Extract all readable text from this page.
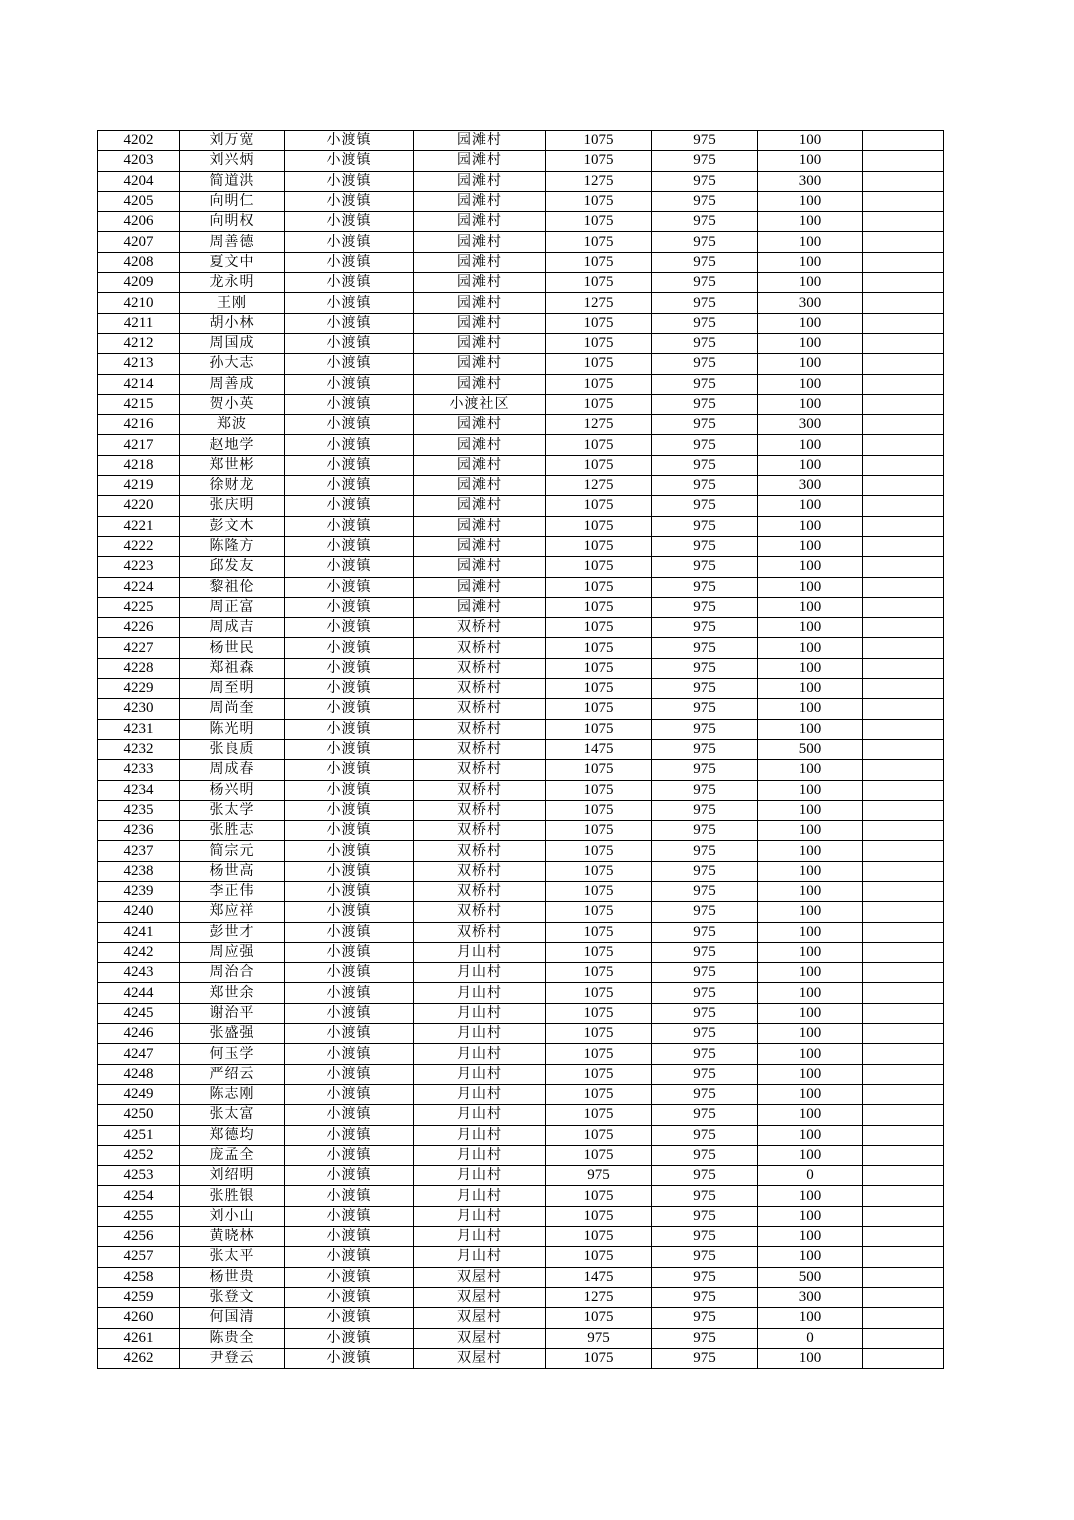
4202	刘万宽	小渡镇	园滩村	1075	975	100	
4203	刘兴炳	小渡镇	园滩村	1075	975	100	
4204	简道洪	小渡镇	园滩村	1275	975	300	
4205	向明仁	小渡镇	园滩村	1075	975	100	
4206	向明权	小渡镇	园滩村	1075	975	100	
4207	周善德	小渡镇	园滩村	1075	975	100	
4208	夏文中	小渡镇	园滩村	1075	975	100	
4209	龙永明	小渡镇	园滩村	1075	975	100	
4210	王刚	小渡镇	园滩村	1275	975	300	
4211	胡小林	小渡镇	园滩村	1075	975	100	
4212	周国成	小渡镇	园滩村	1075	975	100	
4213	孙大志	小渡镇	园滩村	1075	975	100	
4214	周善成	小渡镇	园滩村	1075	975	100	
4215	贺小英	小渡镇	小渡社区	1075	975	100	
4216	郑波	小渡镇	园滩村	1275	975	300	
4217	赵地学	小渡镇	园滩村	1075	975	100	
4218	郑世彬	小渡镇	园滩村	1075	975	100	
4219	徐财龙	小渡镇	园滩村	1275	975	300	
4220	张庆明	小渡镇	园滩村	1075	975	100	
4221	彭文木	小渡镇	园滩村	1075	975	100	
4222	陈隆方	小渡镇	园滩村	1075	975	100	
4223	邱发友	小渡镇	园滩村	1075	975	100	
4224	黎祖伦	小渡镇	园滩村	1075	975	100	
4225	周正富	小渡镇	园滩村	1075	975	100	
4226	周成吉	小渡镇	双桥村	1075	975	100	
4227	杨世民	小渡镇	双桥村	1075	975	100	
4228	郑祖森	小渡镇	双桥村	1075	975	100	
4229	周至明	小渡镇	双桥村	1075	975	100	
4230	周尚奎	小渡镇	双桥村	1075	975	100	
4231	陈光明	小渡镇	双桥村	1075	975	100	
4232	张良质	小渡镇	双桥村	1475	975	500	
4233	周成春	小渡镇	双桥村	1075	975	100	
4234	杨兴明	小渡镇	双桥村	1075	975	100	
4235	张太学	小渡镇	双桥村	1075	975	100	
4236	张胜志	小渡镇	双桥村	1075	975	100	
4237	简宗元	小渡镇	双桥村	1075	975	100	
4238	杨世高	小渡镇	双桥村	1075	975	100	
4239	李正伟	小渡镇	双桥村	1075	975	100	
4240	郑应祥	小渡镇	双桥村	1075	975	100	
4241	彭世才	小渡镇	双桥村	1075	975	100	
4242	周应强	小渡镇	月山村	1075	975	100	
4243	周治合	小渡镇	月山村	1075	975	100	
4244	郑世余	小渡镇	月山村	1075	975	100	
4245	谢治平	小渡镇	月山村	1075	975	100	
4246	张盛强	小渡镇	月山村	1075	975	100	
4247	何玉学	小渡镇	月山村	1075	975	100	
4248	严绍云	小渡镇	月山村	1075	975	100	
4249	陈志刚	小渡镇	月山村	1075	975	100	
4250	张太富	小渡镇	月山村	1075	975	100	
4251	郑德均	小渡镇	月山村	1075	975	100	
4252	庞孟全	小渡镇	月山村	1075	975	100	
4253	刘绍明	小渡镇	月山村	975	975	0	
4254	张胜银	小渡镇	月山村	1075	975	100	
4255	刘小山	小渡镇	月山村	1075	975	100	
4256	黄晓林	小渡镇	月山村	1075	975	100	
4257	张太平	小渡镇	月山村	1075	975	100	
4258	杨世贵	小渡镇	双屋村	1475	975	500	
4259	张登文	小渡镇	双屋村	1275	975	300	
4260	何国清	小渡镇	双屋村	1075	975	100	
4261	陈贵全	小渡镇	双屋村	975	975	0	
4262	尹登云	小渡镇	双屋村	1075	975	100	
